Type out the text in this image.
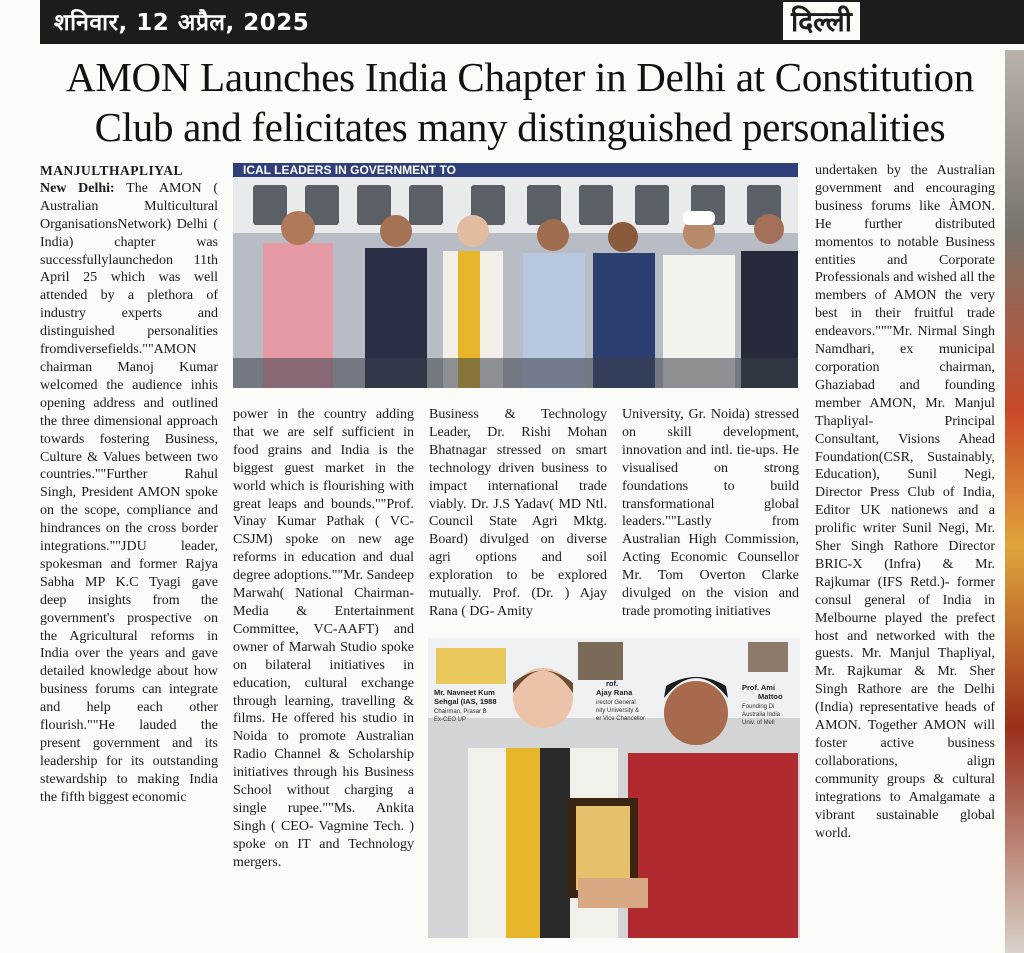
शनिवार, 12 अप्रैल, 2025	दिल्ली
AMON Launches India Chapter in Delhi at Constitution
Club and felicitates many distinguished personalities

MANJULTHAPLIYAL

New Delhi: The AMON ( Australian Multicultural OrganisationsNetwork) Delhi ( India) chapter was successfullylaunchedon 11th April 25 which was well attended by a plethora of industry experts and distinguished personalities fromdiversefields.""AMON chairman Manoj Kumar welcomed the audience inhis opening address and outlined the three dimensional approach towards fostering Business, Culture & Values between two countries.""Further Rahul Singh, President AMON spoke on the scope, compliance and hindrances on the cross border integrations.""JDU leader, spokesman and former Rajya Sabha MP K.C Tyagi gave deep insights from the government's prospective on the Agricultural reforms in India over the years and gave detailed knowledge about how business forums can integrate and help each other flourish.""He lauded the present government and its leadership for its outstanding stewardship to making India the fifth biggest economic

ICAL LEADERS IN GOVERNMENT TO

power in the country adding that we are self sufficient in food grains and India is the biggest guest market in the world which is flourishing with great leaps and bounds.""Prof. Vinay Kumar Pathak ( VC- CSJM) spoke on new age reforms in education and dual degree adoptions.""Mr. Sandeep Marwah( National Chairman- Media & Entertainment Committee, VC-AAFT) and owner of Marwah Studio spoke on bilateral initiatives in education, cultural exchange through learning, travelling & films. He offered his studio in Noida to promote Australian Radio Channel & Scholarship initiatives through his Business School without charging a single rupee.""Ms. Ankita Singh ( CEO- Vagmine Tech. ) spoke on IT and Technology mergers.

Business & Technology Leader, Dr. Rishi Mohan Bhatnagar stressed on smart technology driven business to impact international trade viably. Dr. J.S Yadav( MD Ntl. Council State Agri Mktg. Board) divulged on diverse agri options and soil exploration to be explored mutually. Prof. (Dr. ) Ajay Rana ( DG- Amity

University, Gr. Noida) stressed on skill development, innovation and intl. tie-ups. He visualised on strong foundations to build transformational global leaders.""Lastly from Australian High Commission, Acting Economic Counsellor Mr. Tom Overton Clarke divulged on the vision and trade promoting initiatives

Mr. Navneet Kum
Sehgal (IAS, 1988
Chairman, Prasar B
Ex-CEO UP
rof.
Ajay Rana
irector General
nity University &
er Vice Chancellor
Prof. Ami
Mattoo
Founding Di
Australia India
Univ. of Mell

undertaken by the Australian government and encouraging business forums like ÀMON. He further distributed momentos to notable Business entities and Corporate Professionals and wished all the members of AMON the very best in their fruitful trade endeavors."""Mr. Nirmal Singh Namdhari, ex municipal corporation chairman, Ghaziabad and founding member AMON, Mr. Manjul Thapliyal- Principal Consultant, Visions Ahead Foundation(CSR, Sustainably, Education), Sunil Negi, Director Press Club of India, Editor UK nationews and a prolific writer Sunil Negi, Mr. Sher Singh Rathore Director BRIC-X (Infra) & Mr. Rajkumar (IFS Retd.)- former consul general of India in Melbourne played the prefect host and networked with the guests. Mr. Manjul Thapliyal, Mr. Rajkumar & Mr. Sher Singh Rathore are the Delhi (India) representative heads of AMON. Together AMON will foster active business collaborations, align community groups & cultural integrations to Amalgamate a vibrant sustainable global world.
